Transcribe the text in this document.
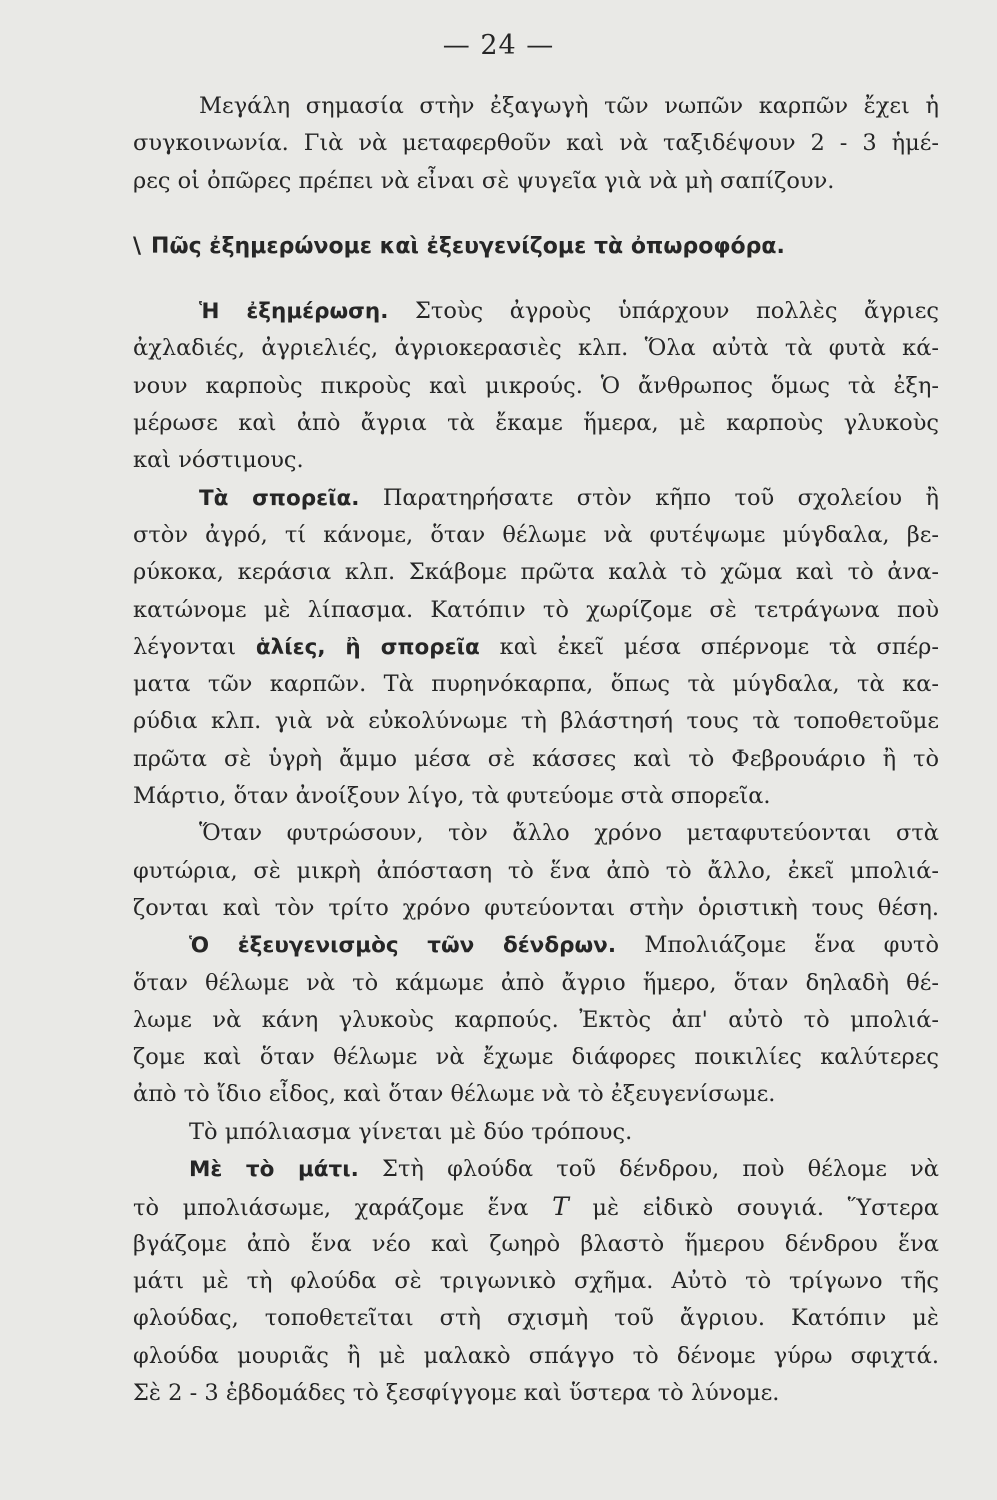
— 24 —
Μεγάλη σημασία στὴν ἐξαγωγὴ τῶν νωπῶν καρπῶν ἔχει ἡ
συγκοινωνία. Γιὰ νὰ μεταφερθοῦν καὶ νὰ ταξιδέψουν 2 - 3 ἡμέ-
ρες οἱ ὀπῶρες πρέπει νὰ εἶναι σὲ ψυγεῖα γιὰ νὰ μὴ σαπίζουν.
\ Πῶς ἐξημερώνομε καὶ ἐξευγενίζομε τὰ ὀπωροφόρα.
Ἡ ἐξημέρωση. Στοὺς ἀγροὺς ὑπάρχουν πολλὲς ἄγριες
ἀχλαδιές, ἀγριελιές, ἀγριοκερασιὲς κλπ. Ὅλα αὐτὰ τὰ φυτὰ κά-
νουν καρποὺς πικροὺς καὶ μικρούς. Ὁ ἄνθρωπος ὅμως τὰ ἐξη-
μέρωσε καὶ ἀπὸ ἄγρια τὰ ἔκαμε ἥμερα, μὲ καρποὺς γλυκοὺς
καὶ νόστιμους.
Τὰ σπορεῖα. Παρατηρήσατε στὸν κῆπο τοῦ σχολείου ἢ
στὸν ἀγρό, τί κάνομε, ὅταν θέλωμε νὰ φυτέψωμε μύγδαλα, βε-
ρύκοκα, κεράσια κλπ. Σκάβομε πρῶτα καλὰ τὸ χῶμα καὶ τὸ ἀνα-
κατώνομε μὲ λίπασμα. Κατόπιν τὸ χωρίζομε σὲ τετράγωνα ποὺ
λέγονται ἁλίες, ἢ σπορεῖα καὶ ἐκεῖ μέσα σπέρνομε τὰ σπέρ-
ματα τῶν καρπῶν. Τὰ πυρηνόκαρπα, ὅπως τὰ μύγδαλα, τὰ κα-
ρύδια κλπ. γιὰ νὰ εὐκολύνωμε τὴ βλάστησή τους τὰ τοποθετοῦμε
πρῶτα σὲ ὑγρὴ ἄμμο μέσα σὲ κάσσες καὶ τὸ Φεβρουάριο ἢ τὸ
Μάρτιο, ὅταν ἀνοίξουν λίγο, τὰ φυτεύομε στὰ σπορεῖα.
Ὅταν φυτρώσουν, τὸν ἄλλο χρόνο μεταφυτεύονται στὰ
φυτώρια, σὲ μικρὴ ἀπόσταση τὸ ἕνα ἀπὸ τὸ ἄλλο, ἐκεῖ μπολιά-
ζονται καὶ τὸν τρίτο χρόνο φυτεύονται στὴν ὁριστικὴ τους θέση.
Ὁ ἐξευγενισμὸς τῶν δένδρων. Μπολιάζομε ἕνα φυτὸ
ὅταν θέλωμε νὰ τὸ κάμωμε ἀπὸ ἄγριο ἥμερο, ὅταν δηλαδὴ θέ-
λωμε νὰ κάνη γλυκοὺς καρπούς. Ἐκτὸς ἀπ' αὐτὸ τὸ μπολιά-
ζομε καὶ ὅταν θέλωμε νὰ ἔχωμε διάφορες ποικιλίες καλύτερες
ἀπὸ τὸ ἴδιο εἶδος, καὶ ὅταν θέλωμε νὰ τὸ ἐξευγενίσωμε.
Τὸ μπόλιασμα γίνεται μὲ δύο τρόπους.
Μὲ τὸ μάτι. Στὴ φλούδα τοῦ δένδρου, ποὺ θέλομε νὰ
τὸ μπολιάσωμε, χαράζομε ἕνα Τ μὲ εἰδικὸ σουγιά. Ὕστερα
βγάζομε ἀπὸ ἕνα νέο καὶ ζωηρὸ βλαστὸ ἥμερου δένδρου ἕνα
μάτι μὲ τὴ φλούδα σὲ τριγωνικὸ σχῆμα. Αὐτὸ τὸ τρίγωνο τῆς
φλούδας, τοποθετεῖται στὴ σχισμὴ τοῦ ἄγριου. Κατόπιν μὲ
φλούδα μουριᾶς ἢ μὲ μαλακὸ σπάγγο τὸ δένομε γύρω σφιχτά.
Σὲ 2 - 3 ἑβδομάδες τὸ ξεσφίγγομε καὶ ὕστερα τὸ λύνομε.
